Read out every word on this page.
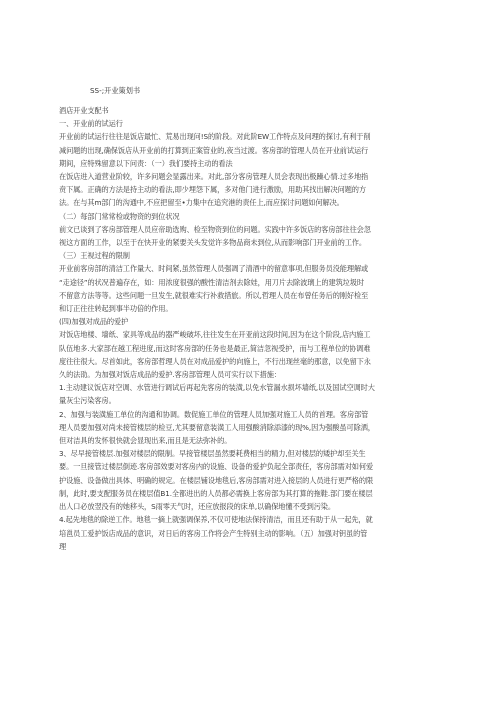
SS-;开业策划书
酒店开业支配书
一、开业前的试运行
开业前的试运行往往是饭店最忙、荒易出现问!S的阶段。对此阶EW工作特点及问理的探讨,有利于削
减问题的出现,确保饭店从开业前的打算到正案管业的,夜当过渡。客房部的管理人员在开业前试运行
期间，应特殊留意以下问责：（一）我们要持主动的看法
在饭店进入道营业阶较，许多问题会显露出来。对此,部分客房管理人员会表现出极躁心情.过多地指
贲下属。正确的方法是持主动的看法,即少埋怨下属，多对他门进行激励，用助其找出解决问题的方
法。在与其m部门的沟通中,不应把留至•力集中在追究港的责任上,而应探讨问题如何解决。
（二）每部门常常检或物资的到位状况
前文已谈到了客房部管理人员应帝助选购、检至物资到位的问题。实践中许多饭店的客房部往往会忽
视这方面的工作，以至于在快开业的紧要关头发觉许多物品商未到位,从而影响部门开业前的工作。
（三）王视过程的限制
开业前客房部的清洁工作量大、时间紧,虽然管理人员强凋了清酒中的留意事项,但服务员没能理解或
“走途径”的状况普遍存在，如：用浓度很强的酸性清洁剂去除娃，用刀片去除波璃上的建筑垃圾时
不留意方法等等。这些问题一旦发生,就很难实行补救措旅。所以,哲理人员在布曾任务后的刚好检至
和订正往往转起到事半功倍的作用。
(四)加强对成品的爱护
对饭店地楼、墙纸、家具等成品的器严峻破坏,往往发生在开亚前这段时间,因为在这个阶段,店内施工
队伍地多.大家部在越工程进度,而这时客房部的任务也是最正,简洁忽视受护，而与工程单位的协调难
度往往很大。尽首如此，客房部哲理人员在对成品爱护的向施上，不行出现丝毫的那意，以免留下永
久的法劭。为加强对饭店成品的爱护.客房部管理人员可实行以下措施：
1.主动建议饭店对空调、水管进行调试后再起先客房的装潢,以免水管漏水损坏墙纸,以及国试空调时大
量灰尘污染客房。
2、加强与装潢施工单位的沟通和协调。数促施工单位的管理人员加强对施工人员的首理。客房部管
理人员要加强对尚未接管楼层的检豆,尤其要留意装潢工人用强酸消除添漆的现%,因为强酸虽可除洒，
但对洁具的发怀很快就会显现出来,而且是无法弥补的。
3、尽早接管楼层.加强对楼层的限制。早接管楼层虽然要耗费相当的精力,但对楼层的矮护却至关生
要。一旦接管过楼层倒迹.客房部效要对客房内的设施、设备的爱护负起全部责任，客房部需对如何爱
护设施、设备做出具体、明确的规定。在楼层铺设地毯后,客房部需对进入接层的人员进行更严格的限
制，此时,要支配服务员在楼层值B1.全都进出的人员都必需换上客房部为其打算的拖鞋.部门要在楼层
出人口必放翌没有的她移头，S雨零天气时，还应放报段的床单,以确保地懂不受到污染。
4.起先地毯的除逆工作。地毯一摘上就强调保养,不仅可使地法保持清洁，而且还有助于从一起先，就
培邕员工爱护饭店成品的意识，对日后的客房工作将会产生特别主动的影响。（五）加强对钥虽的管
理
